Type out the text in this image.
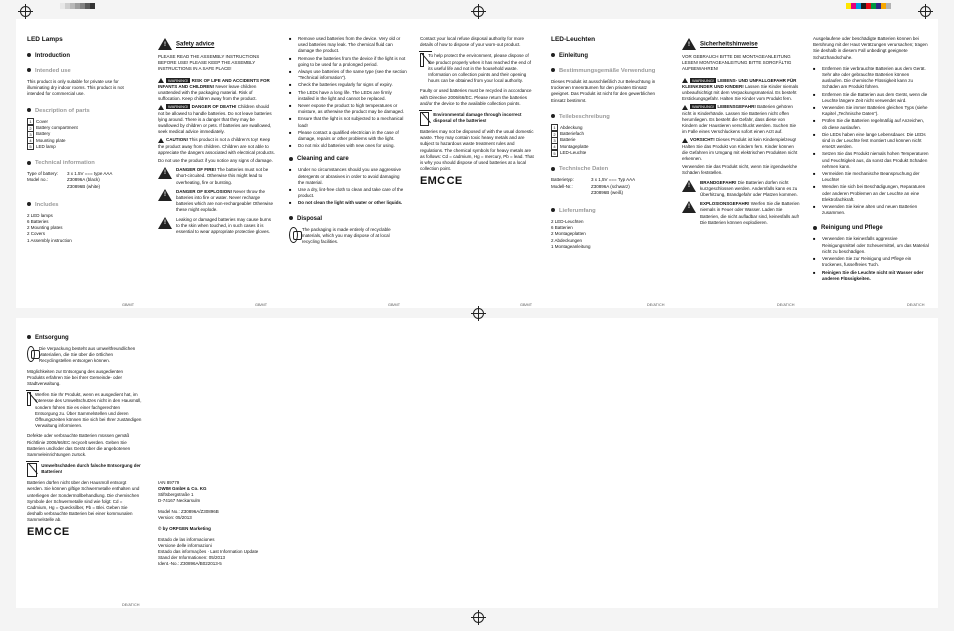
LED Lamps
Introduction
Intended use

This product is only suitable for private use for illuminating dry indoor rooms. This product is not intended for commercial use.

Description of parts
1 Cover
2 Battery compartment
3 Battery
4 Mounting plate
5 LED lamp
Technical information
Type of battery:	3 x 1.5V === type AAA
Model no.:	Z30896A (black)
Z30896B (white)
Includes
2 LED lamps
6 Batteries
2 Mounting plates
2 Covers
1 Assembly instruction
!Safety advice

PLEASE READ THE ASSEMBLY INSTRUCTIONS BEFORE USE! PLEASE KEEP THE ASSEMBLY INSTRUCTIONS IN A SAFE PLACE!

WARNING! RISK OF LIFE AND ACCIDENTS FOR INFANTS AND CHILDREN! Never leave children unattended with the packaging material. Risk of suffocation. Keep children away from the product.
WARNING! DANGER OF DEATH! Children should not be allowed to handle batteries. Do not leave batteries lying around. There is a danger that they may be swallowed by children or pets. If batteries are swallowed, seek medical advice immediately.
CAUTION! This product is not a children's toy! Keep the product away from children. Children are not able to appreciate the dangers associated with electrical products.
Do not use the product if you notice any signs of damage.
!
DANGER OF FIRE! The batteries must not be short-circuited. Otherwise this might lead to overheating, fire or bursting.
!
DANGER OF EXPLOSION! Never throw the batteries into fire or water. Never recharge batteries which are non-rechargeable! Otherwise these might explode.
!
Leaking or damaged batteries may cause burns to the skin when touched, in such cases it is essential to wear appropriate protective gloves.
■ Remove used batteries from the device. Very old or used batteries may leak. The chemical fluid can damage the product.
■ Remove the batteries from the device if the light is not going to be used for a prolonged period.
■ Always use batteries of the same type (see the section "Technical information").
■ Check the batteries regularly for signs of expiry.
■ The LEDs have a long life. The LEDs are firmly installed in the light and cannot be replaced.
■ Never expose the product to high temperatures or moisture, as otherwise the product may be damaged.
■ Ensure that the light is not subjected to a mechanical load!
■ Please contact a qualified electrician in the case of damage, repairs or other problems with the light.
■ Do not mix old batteries with new ones for using.
Cleaning and care
■ Under no circumstances should you use aggressive detergents or abrasives in order to avoid damaging the material.
■ Use a dry, lint-free cloth to clean and take care of the product.
■ Do not clean the light with water or other liquids.
Disposal
The packaging is made entirely of recyclable materials, which you may dispose of at local recycling facilities.

Contact your local refuse disposal authority for more details of how to dispose of your worn-out product.

To help protect the environment, please dispose of the product properly when it has reached the end of its useful life and not in the household waste. Information on collection points and their opening hours can be obtained from your local authority.

Faulty or used batteries must be recycled in accordance with Directive 2006/66/EC. Please return the batteries and/or the device to the available collection points.

Environmental damage through incorrect disposal of the batteries!

Batteries may not be disposed of with the usual domestic waste. They may contain toxic heavy metals and are subject to hazardous waste treatment rules and regulations. The chemical symbols for heavy metals are as follows: Cd = cadmium, Hg = mercury, Pb = lead. That is why you should dispose of used batteries at a local collection point.

EMC CE
LED-Leuchten
Einleitung
Bestimmungsgemäße Verwendung

Dieses Produkt ist ausschließlich zur Beleuchtung in trockenen Innenräumen für den privaten Einsatz geeignet. Das Produkt ist nicht für den gewerblichen Einsatz bestimmt.

Teilebeschreibung
1 Abdeckung
2 Batteriefach
3 Batterie
4 Montageplatte
5 LED-Leuchte
Technische Daten
Batterietyp:	3 x 1,5V === Typ AAA
Modell-Nr.:	Z30896A (schwarz)
Z30896B (weiß)
Lieferumfang
2 LED-Leuchten
6 Batterien
2 Montageplatten
2 Abdeckungen
1 Montageanleitung
!Sicherheitshinweise

VOR GEBRAUCH BITTE DIE MONTAGEANLEITUNG LESEN! MONTAGEANLEITUNG BITTE SORGFÄLTIG AUFBEWAHREN!

WARNUNG! LEBENS- UND UNFALLGEFAHR FÜR KLEINKINDER UND KINDER! Lassen Sie Kinder niemals unbeaufsichtigt mit dem Verpackungsmaterial. Es besteht Erstickungsgefahr. Halten Sie Kinder vom Produkt fern.
WARNUNG! LEBENSGEFAHR! Batterien gehören nicht in Kinderhände. Lassen Sie Batterien nicht offen herumliegen. Es besteht die Gefahr, dass diese von Kindern oder Haustieren verschluckt werden. Suchen Sie im Falle eines Verschluckens sofort einen Arzt auf.
VORSICHT! Dieses Produkt ist kein Kinderspielzeug! Halten Sie das Produkt von Kindern fern. Kinder können die Gefahren im Umgang mit elektrischen Produkten nicht erkennen.
Verwenden Sie das Produkt nicht, wenn Sie irgendwelche Schäden feststellen.
!
BRANDGEFAHR! Die Batterien dürfen nicht kurzgeschlossen werden. Andernfalls kann es zu Überhitzung, Brandgefahr oder Platzen kommen.
!
EXPLOSIONSGEFAHR! Werfen Sie die Batterien niemals in Feuer oder Wasser. Laden Sie Batterien, die nicht aufladbar sind, keinesfalls auf! Die Batterien können explodieren.

Ausgelaufene oder beschädigte Batterien können bei Berührung mit der Haut Verätzungen verursachen; tragen Sie deshalb in diesem Fall unbedingt geeignete Schutzhandschuhe.

■ Entfernen Sie verbrauchte Batterien aus dem Gerät. Sehr alte oder gebrauchte Batterien können auslaufen. Die chemische Flüssigkeit kann zu Schäden am Produkt führen.
■ Entfernen Sie die Batterien aus dem Gerät, wenn die Leuchte längere Zeit nicht verwendet wird.
■ Verwenden Sie immer Batterien gleichen Typs (siehe Kapitel „Technische Daten“).
■ Prüfen Sie die Batterien regelmäßig auf Anzeichen, ob diese auslaufen.
■ Die LEDs haben eine lange Lebensdauer. Die LEDs sind in der Leuchte fest montiert und können nicht ersetzt werden.
■ Setzen Sie das Produkt niemals hohen Temperaturen und Feuchtigkeit aus, da sonst das Produkt Schaden nehmen kann.
■ Vermeiden Sie mechanische Beanspruchung der Leuchte!
■ Wenden Sie sich bei Beschädigungen, Reparaturen oder anderen Problemen an der Leuchte an eine Elektrofachkraft.
■ Verwenden Sie keine alten und neuen Batterien zusammen.
Reinigung und Pflege
■ Verwenden Sie keinesfalls aggressive Reinigungsmittel oder Scheuermittel, um das Material nicht zu beschädigen.
■ Verwenden Sie zur Reinigung und Pflege ein trockenes, fusselfreies Tuch.
■ Reinigen Sie die Leuchte nicht mit Wasser oder anderen Flüssigkeiten.
Entsorgung
Die Verpackung besteht aus umweltfreundlichen Materialien, die Sie über die örtlichen Recyclingstellen entsorgen können.

Möglichkeiten zur Entsorgung des ausgedienten Produkts erfahren Sie bei Ihrer Gemeinde- oder Stadtverwaltung.

Werfen Sie Ihr Produkt, wenn es ausgedient hat, im Interesse des Umweltschutzes nicht in den Hausmüll, sondern führen Sie es einer fachgerechten Entsorgung zu. Über Sammelstellen und deren Öffnungszeiten können Sie sich bei Ihrer zuständigen Verwaltung informieren.

Defekte oder verbrauchte Batterien müssen gemäß Richtlinie 2006/66/EC recycelt werden. Geben Sie Batterien und/oder das Gerät über die angebotenen Sammeleinrichtungen zurück.

Umweltschäden durch falsche Entsorgung der Batterien!

Batterien dürfen nicht über den Hausmüll entsorgt werden. Sie können giftige Schwermetalle enthalten und unterliegen der Sondermüllbehandlung. Die chemischen Symbole der Schwermetalle sind wie folgt: Cd = Cadmium, Hg = Quecksilber, Pb = Blei. Geben Sie deshalb verbrauchte Batterien bei einer kommunalen Sammelstelle ab.

EMC CE
IAN 89779
OWIM GmbH & Co. KG
Stiftsbergstraße 1
D-74167 Neckarsulm
Model No.: Z30896A/Z30896B
Version: 05/2013
© by ORFGEN Marketing
Estado de las informaciones
Versione delle informazioni
Estado das informações · Last Information Update
Stand der Informationen: 05/2013
Ident.-No.: Z30896A/B022013-5
GB/MT	GB/MT	GB/MT	GB/MT	DE/AT/CH	DE/AT/CH	DE/AT/CH
DE/AT/CH
